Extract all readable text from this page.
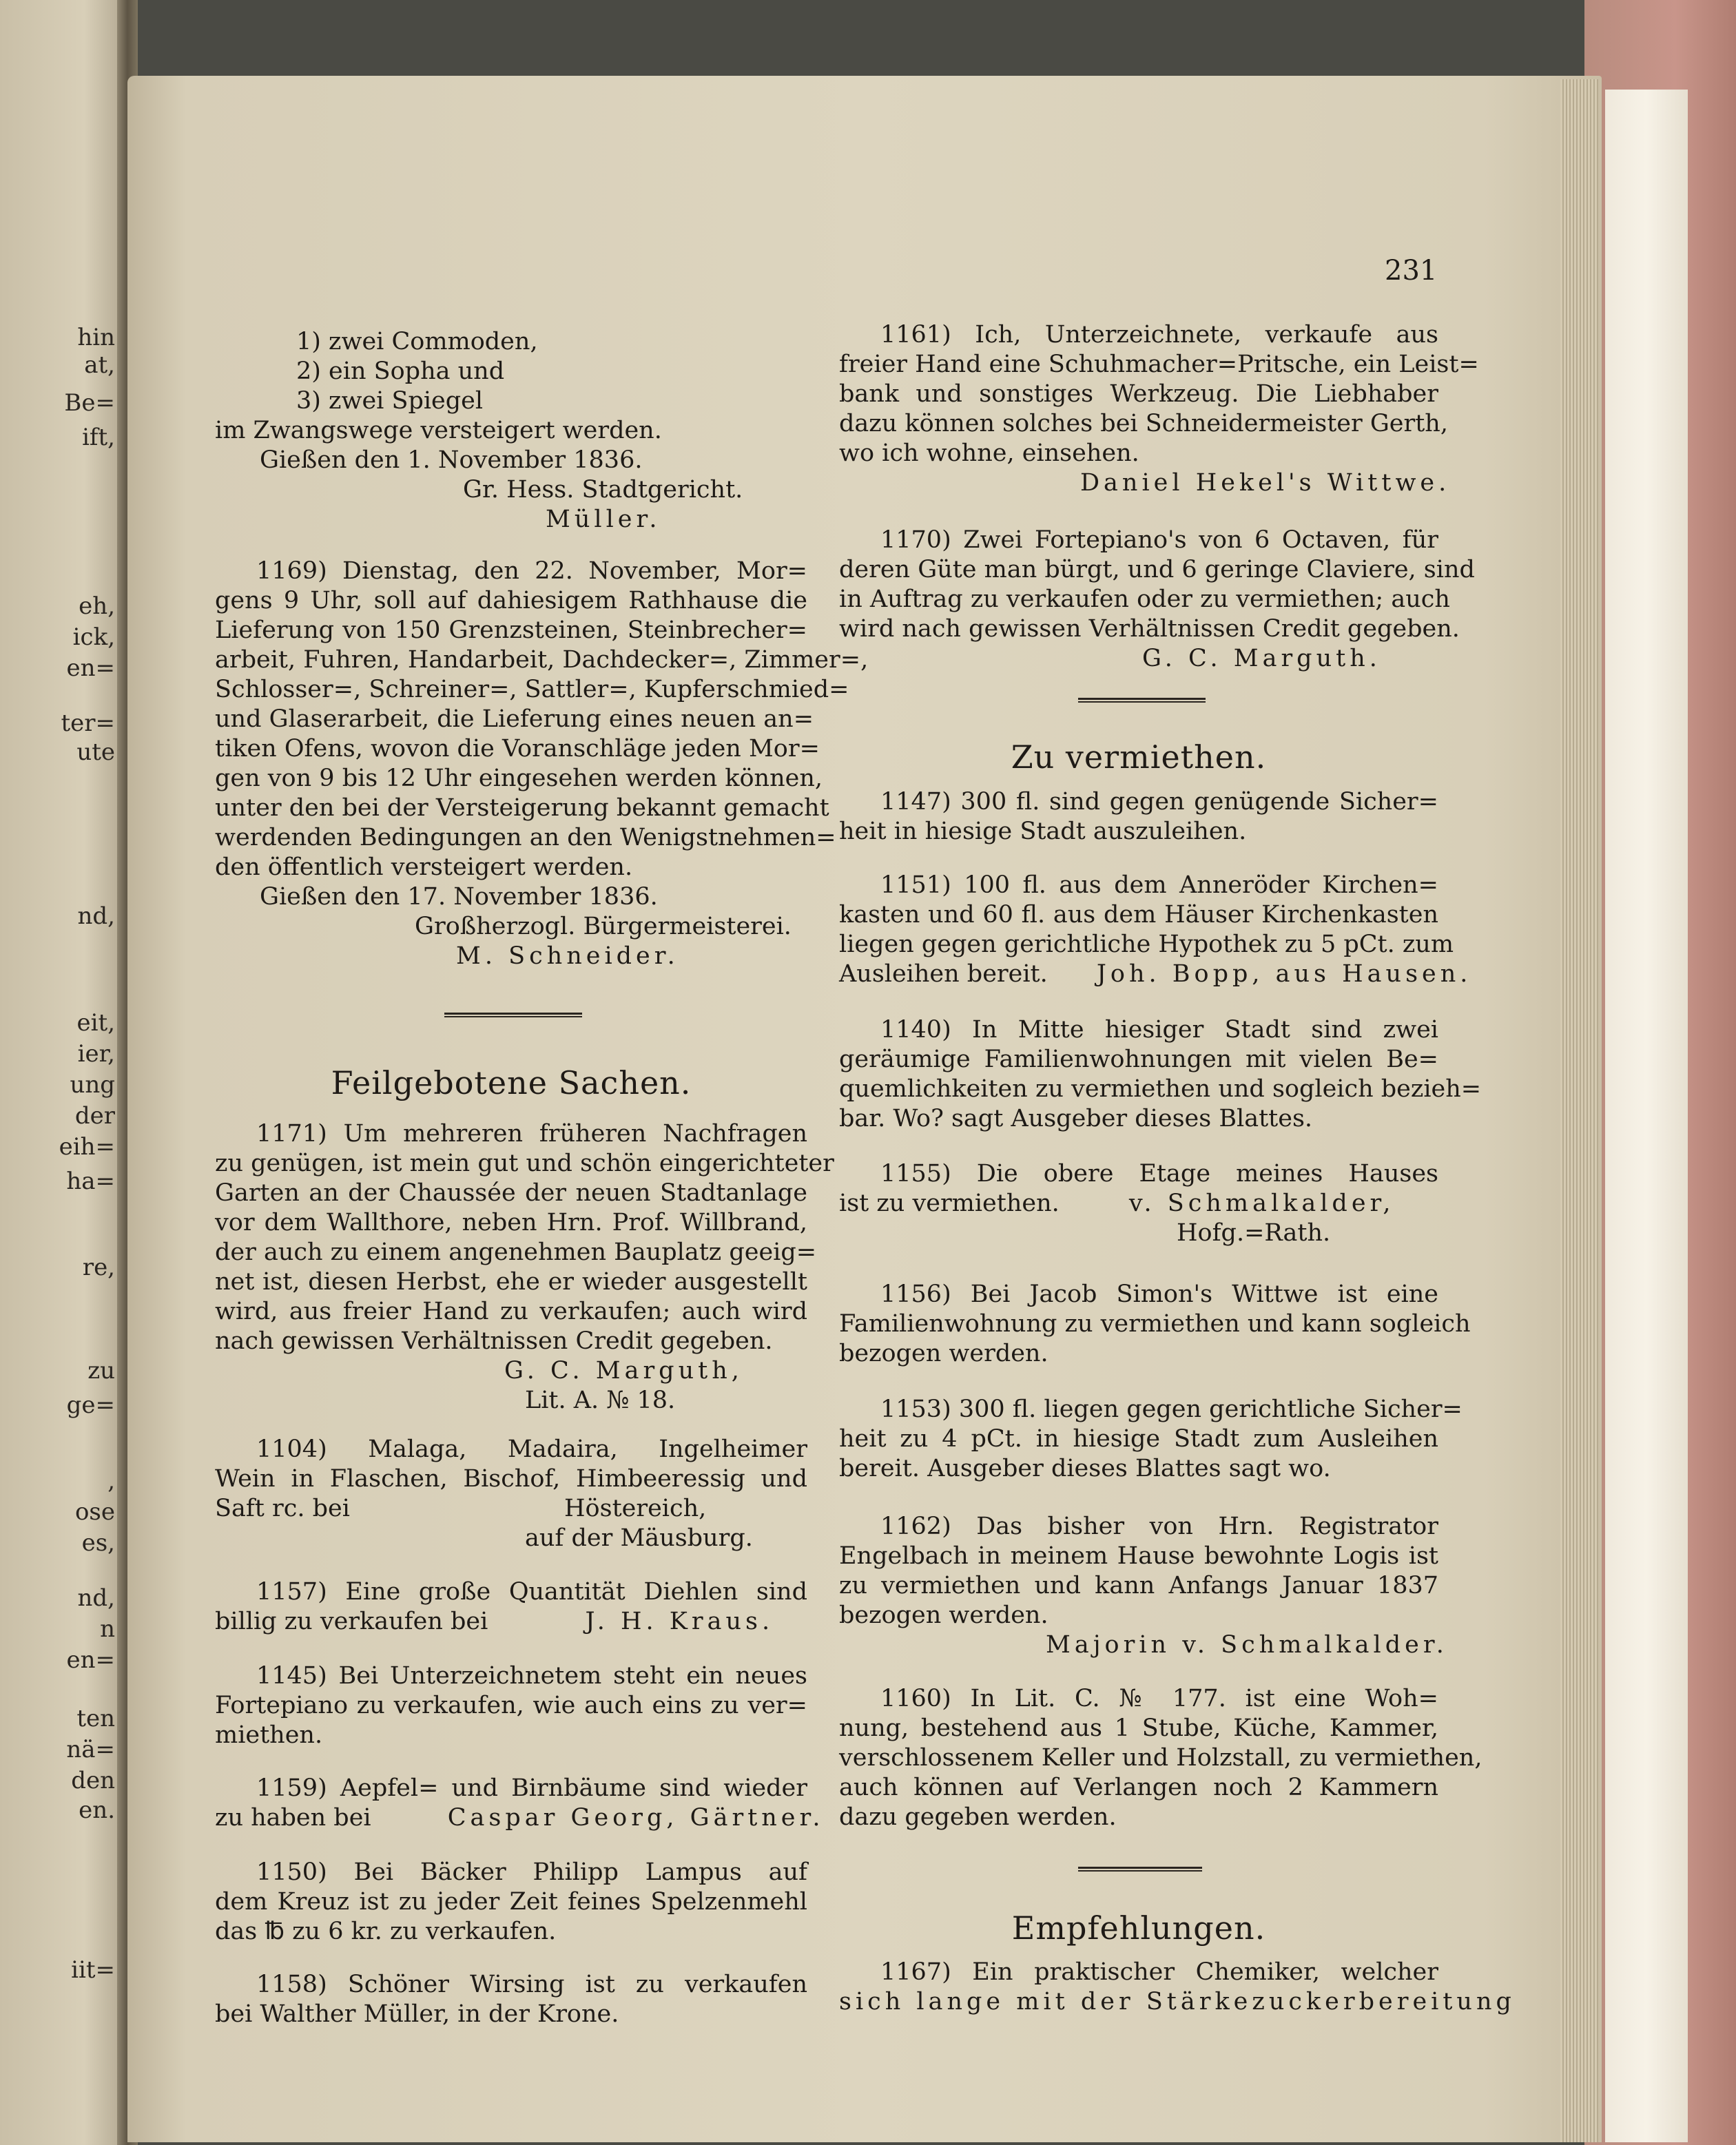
hin
at,
Be=
ift,
eh,
ick,
en=
ter=
ute
nd,
eit,
ier,
ung
der
eih=
ha=
re,
zu
ge=
,
ose
es,
nd,
n
en=
ten
nä=
den
en.
iit=
231
1) zwei Commoden,
2) ein Sopha und
3) zwei Spiegel
im Zwangswege versteigert werden.
Gießen den 1. November 1836.
Gr. Hess. Stadtgericht.
Müller.
1169) Dienstag, den 22. November, Mor=
gens 9 Uhr, soll auf dahiesigem Rathhause die
Lieferung von 150 Grenzsteinen, Steinbrecher=
arbeit, Fuhren, Handarbeit, Dachdecker=, Zimmer=,
Schlosser=, Schreiner=, Sattler=, Kupferschmied=
und Glaserarbeit, die Lieferung eines neuen an=
tiken Ofens, wovon die Voranschläge jeden Mor=
gen von 9 bis 12 Uhr eingesehen werden können,
unter den bei der Versteigerung bekannt gemacht
werdenden Bedingungen an den Wenigstnehmen=
den öffentlich versteigert werden.
Gießen den 17. November 1836.
Großherzogl. Bürgermeisterei.
M. Schneider.
Feilgebotene Sachen.
1171) Um mehreren früheren Nachfragen
zu genügen, ist mein gut und schön eingerichteter
Garten an der Chaussée der neuen Stadtanlage
vor dem Wallthore, neben Hrn. Prof. Willbrand,
der auch zu einem angenehmen Bauplatz geeig=
net ist, diesen Herbst, ehe er wieder ausgestellt
wird, aus freier Hand zu verkaufen; auch wird
nach gewissen Verhältnissen Credit gegeben.
G. C. Marguth,
Lit. A. № 18.
1104) Malaga, Madaira, Ingelheimer
Wein in Flaschen, Bischof, Himbeeressig und
Saft rc. bei	Höstereich,
auf der Mäusburg.
1157) Eine große Quantität Diehlen sind
billig zu verkaufen bei	J. H. Kraus.
1145) Bei Unterzeichnetem steht ein neues
Fortepiano zu verkaufen, wie auch eins zu ver=
miethen.
1159) Aepfel= und Birnbäume sind wieder
zu haben bei	Caspar Georg, Gärtner.
1150) Bei Bäcker Philipp Lampus auf
dem Kreuz ist zu jeder Zeit feines Spelzenmehl
das ℔ zu 6 kr. zu verkaufen.
1158) Schöner Wirsing ist zu verkaufen
bei Walther Müller, in der Krone.
1161) Ich, Unterzeichnete, verkaufe aus
freier Hand eine Schuhmacher=Pritsche, ein Leist=
bank und sonstiges Werkzeug. Die Liebhaber
dazu können solches bei Schneidermeister Gerth,
wo ich wohne, einsehen.
Daniel Hekel's Wittwe.
1170) Zwei Fortepiano's von 6 Octaven, für
deren Güte man bürgt, und 6 geringe Claviere, sind
in Auftrag zu verkaufen oder zu vermiethen; auch
wird nach gewissen Verhältnissen Credit gegeben.
G. C. Marguth.
Zu vermiethen.
1147) 300 fl. sind gegen genügende Sicher=
heit in hiesige Stadt auszuleihen.
1151) 100 fl. aus dem Anneröder Kirchen=
kasten und 60 fl. aus dem Häuser Kirchenkasten
liegen gegen gerichtliche Hypothek zu 5 pCt. zum
Ausleihen bereit. Joh. Bopp, aus Hausen.
1140) In Mitte hiesiger Stadt sind zwei
geräumige Familienwohnungen mit vielen Be=
quemlichkeiten zu vermiethen und sogleich bezieh=
bar. Wo? sagt Ausgeber dieses Blattes.
1155) Die obere Etage meines Hauses
ist zu vermiethen.	v. Schmalkalder,
Hofg.=Rath.
1156) Bei Jacob Simon's Wittwe ist eine
Familienwohnung zu vermiethen und kann sogleich
bezogen werden.
1153) 300 fl. liegen gegen gerichtliche Sicher=
heit zu 4 pCt. in hiesige Stadt zum Ausleihen
bereit. Ausgeber dieses Blattes sagt wo.
1162) Das bisher von Hrn. Registrator
Engelbach in meinem Hause bewohnte Logis ist
zu vermiethen und kann Anfangs Januar 1837
bezogen werden.
Majorin v. Schmalkalder.
1160) In Lit. C. № 177. ist eine Woh=
nung, bestehend aus 1 Stube, Küche, Kammer,
verschlossenem Keller und Holzstall, zu vermiethen,
auch können auf Verlangen noch 2 Kammern
dazu gegeben werden.
Empfehlungen.
1167) Ein praktischer Chemiker, welcher
sich lange mit der Stärkezuckerbereitung
